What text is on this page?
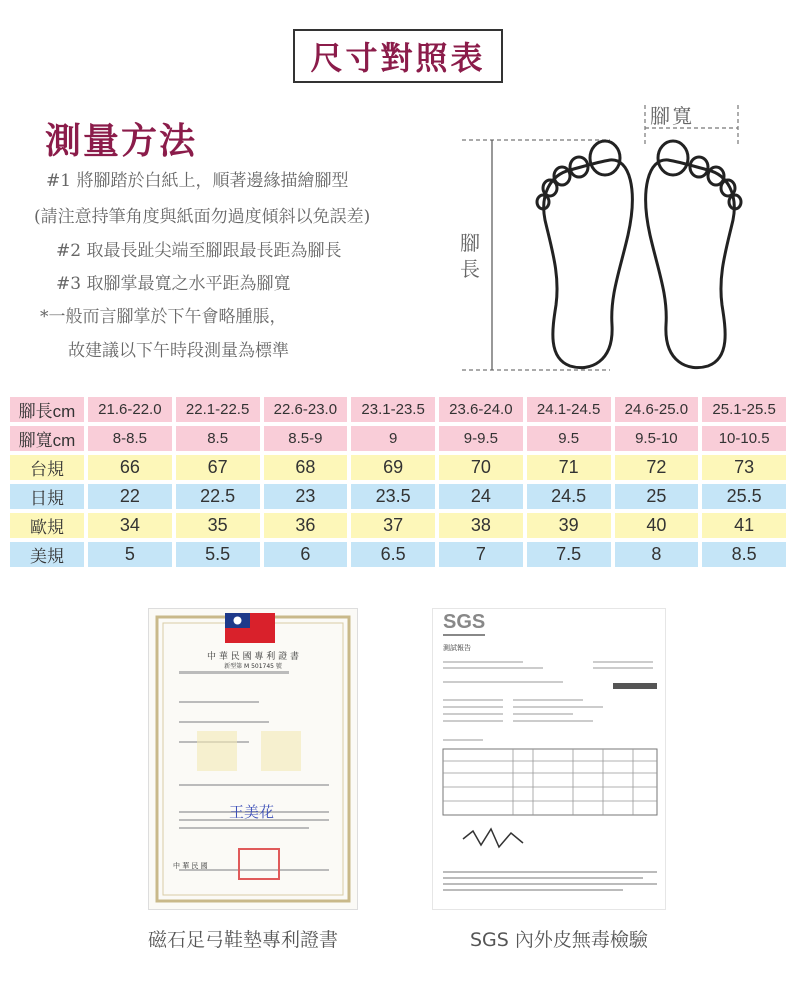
尺寸對照表
測量方法
#1 將腳踏於白紙上，順著邊緣描繪腳型
(請注意持筆角度與紙面勿過度傾斜以免誤差)
#2 取最長趾尖端至腳跟最長距為腳長
#3 取腳掌最寬之水平距為腳寬
*一般而言腳掌於下午會略腫脹，
故建議以下午時段測量為標準
腳寬
腳長
腳長cm	21.6-22.0	22.1-22.5	22.6-23.0	23.1-23.5	23.6-24.0	24.1-24.5	24.6-25.0	25.1-25.5
腳寬cm	8-8.5	8.5	8.5-9	9	9-9.5	9.5	9.5-10	10-10.5
台規	66	67	68	69	70	71	72	73
日規	22	22.5	23	23.5	24	24.5	25	25.5
歐規	34	35	36	37	38	39	40	41
美規	5	5.5	6	6.5	7	7.5	8	8.5
中 華 民 國 專 利 證 書
新型第 M 501745 號
王美花
中 華 民 國
SGS
測試報告
磁石足弓鞋墊專利證書	SGS 內外皮無毒檢驗
